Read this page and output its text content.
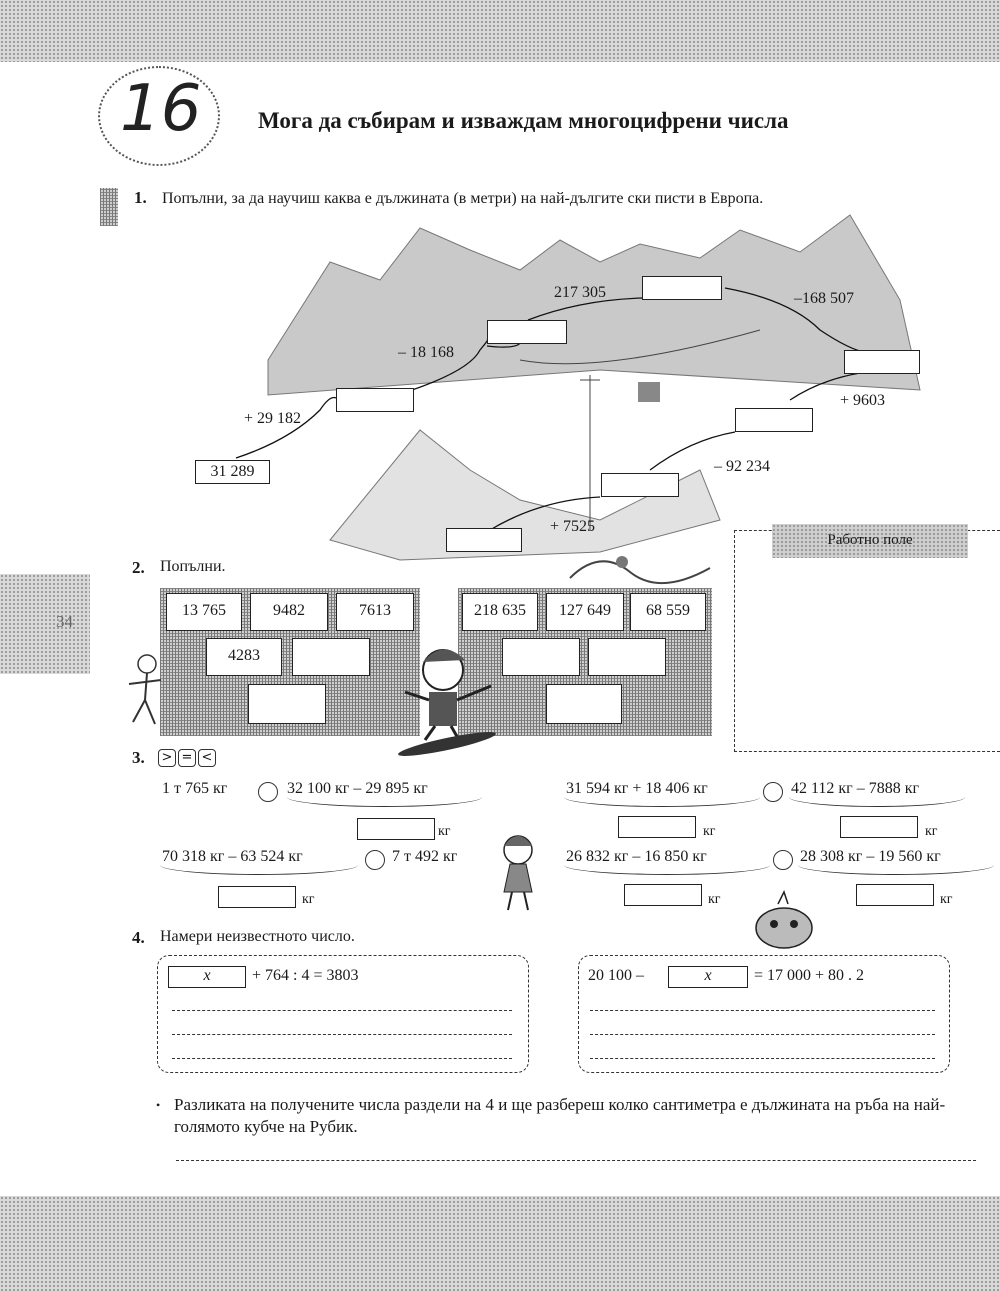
34
16 Мога да събирам и изваждам многоцифрени числа
1. Попълни, за да научиш каква е дължината (в метри) на най-дългите ски писти в Европа.
31 289
+ 29 182
– 18 168
217 305	–168 507
+ 9603
– 92 234
+ 7525
Работно поле
2. Попълни.
13 765	9482	7613
4283
218 635	127 649	68 559
3. > = <
1 т 765 кг	32 100 кг – 29 895 кг
кг
31 594 кг + 18 406 кг	42 112 кг – 7888 кг
кг	кг
70 318 кг – 63 524 кг	7 т 492 кг
кг
26 832 кг – 16 850 кг	28 308 кг – 19 560 кг
кг	кг
4. Намери неизвестното число.
x	+ 764 : 4 = 3803	20 100 –	x	= 17 000 + 80 . 2
• Разликата на получените числа раздели на 4 и ще разбереш колко сантиметра е дължината на ръба на най-голямото кубче на Рубик.
